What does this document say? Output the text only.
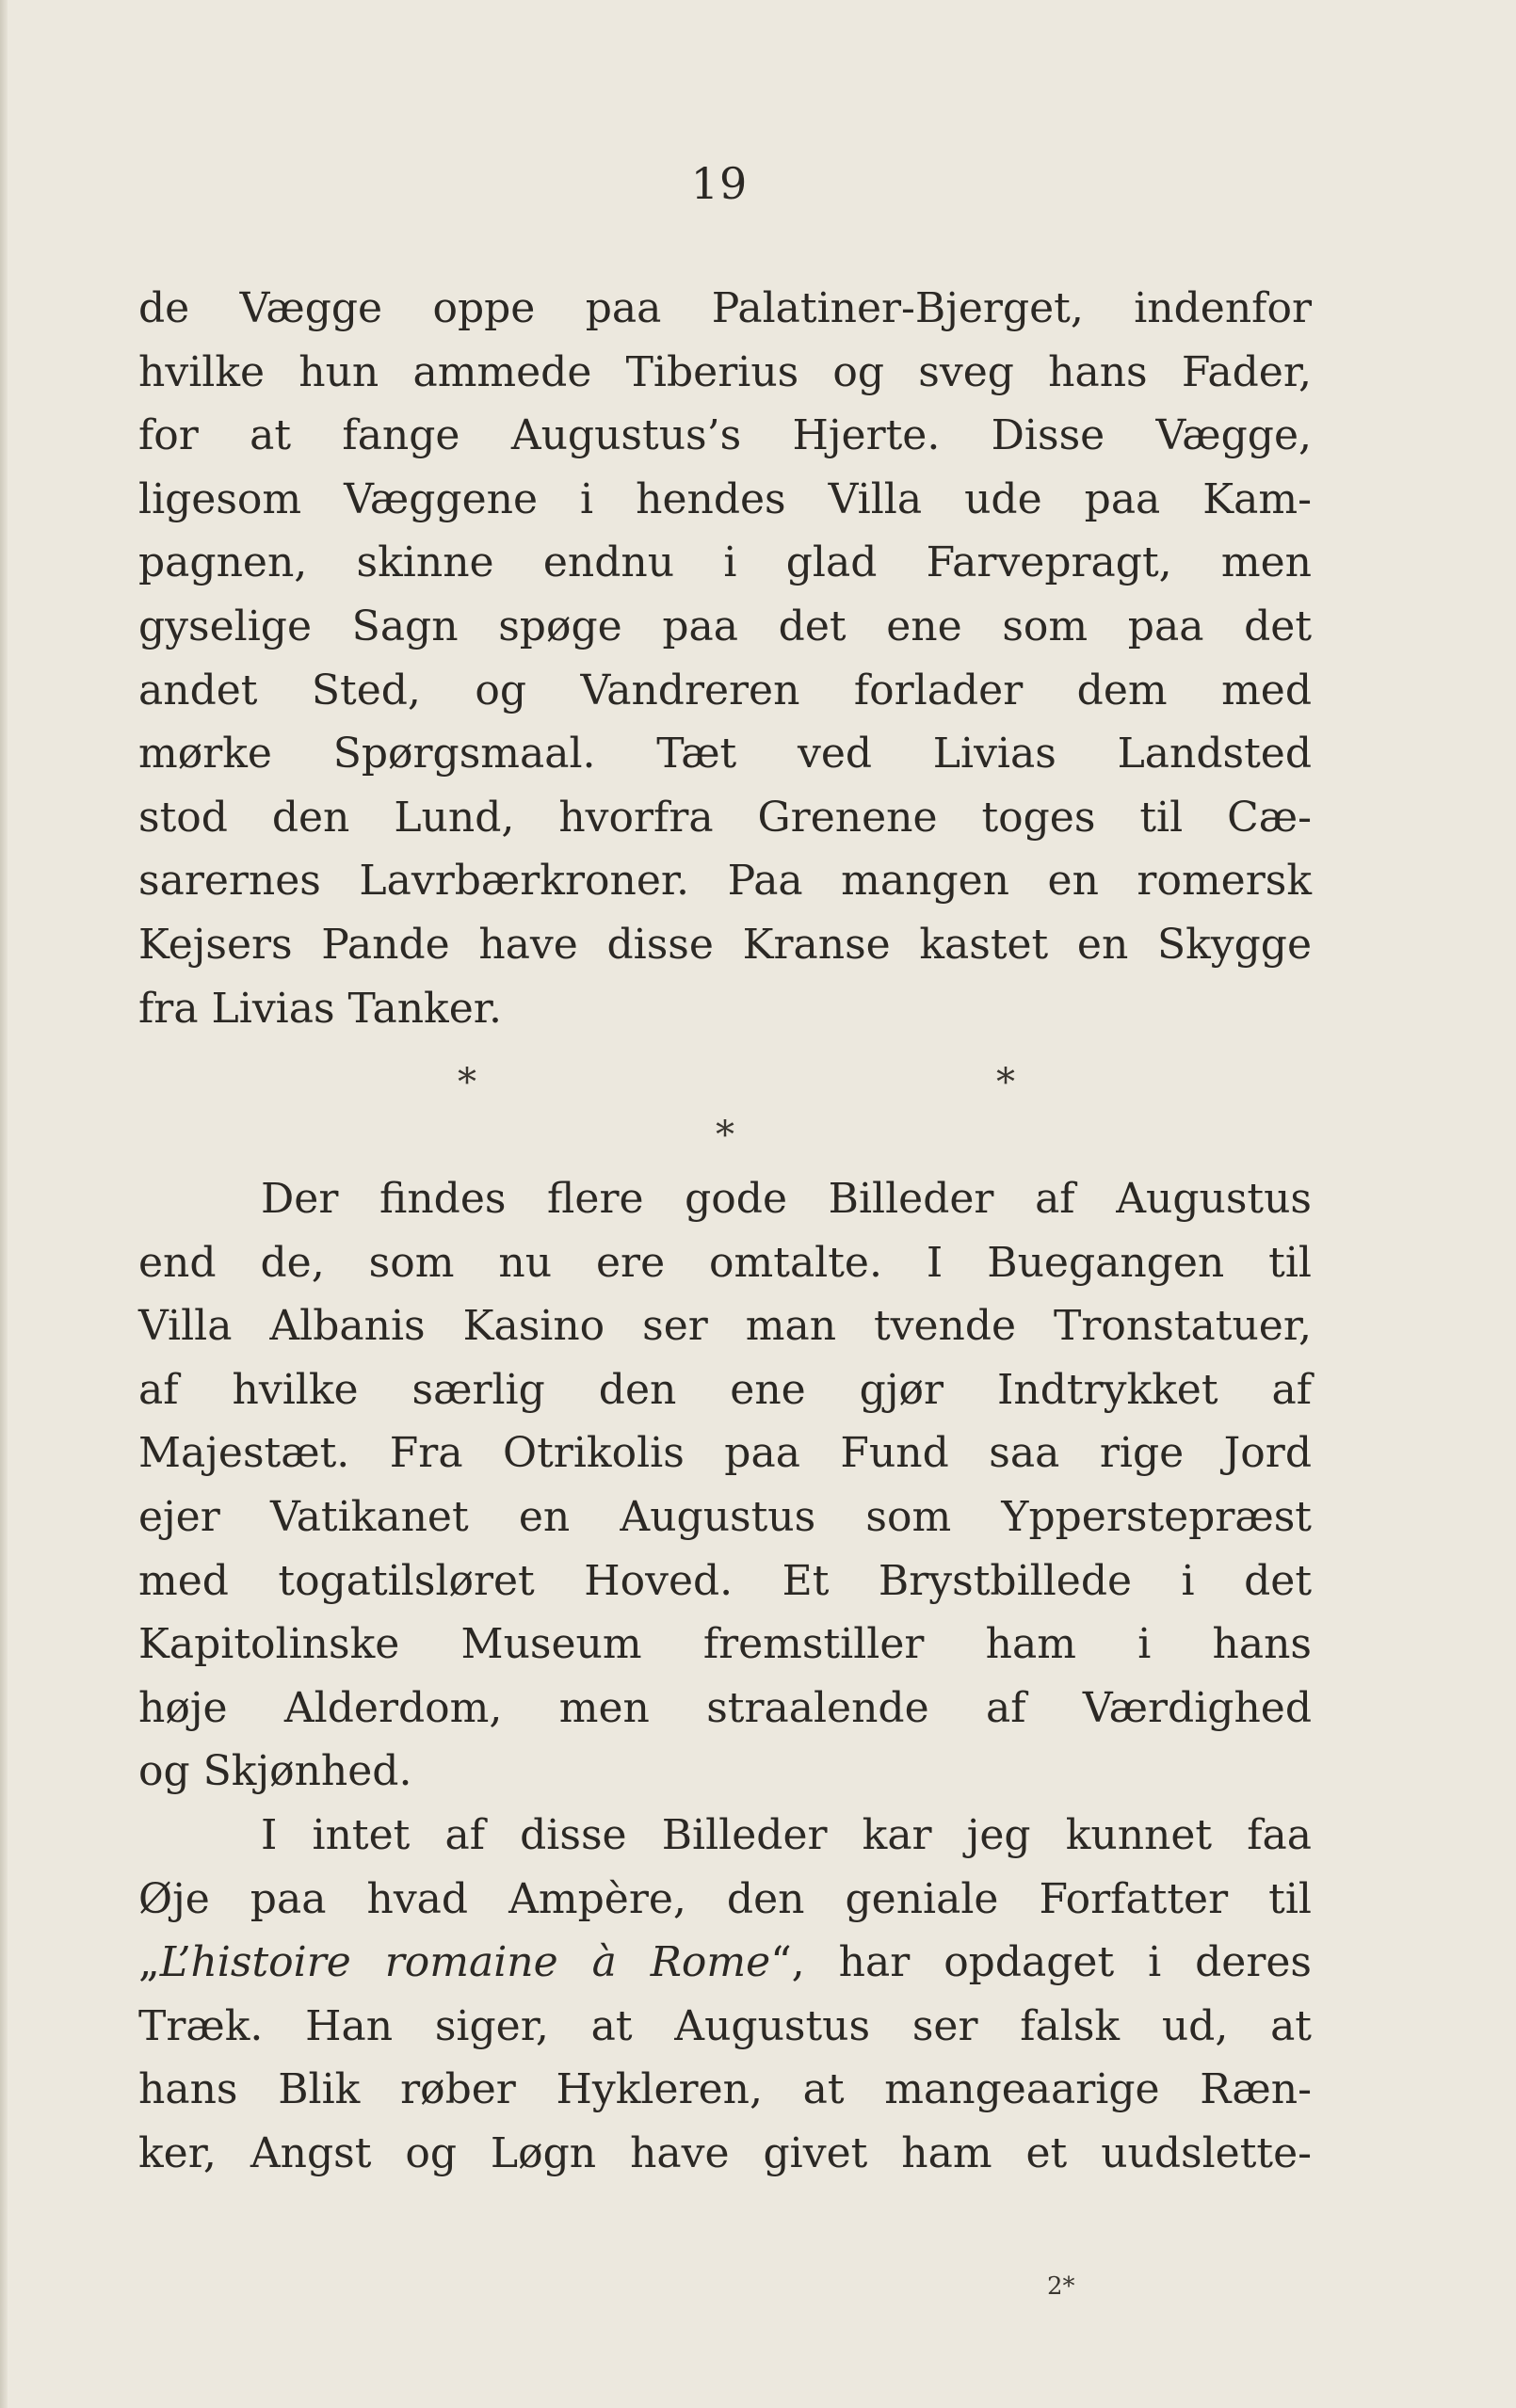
19
de Vægge oppe paa Palatiner-Bjerget, indenfor
hvilke hun ammede Tiberius og sveg hans Fader,
for at fange Augustus’s Hjerte. Disse Vægge,
ligesom Væggene i hendes Villa ude paa Kam-
pagnen, skinne endnu i glad Farvepragt, men
gyselige Sagn spøge paa det ene som paa det
andet Sted, og Vandreren forlader dem med
mørke Spørgsmaal. Tæt ved Livias Landsted
stod den Lund, hvorfra Grenene toges til Cæ-
sarernes Lavrbærkroner. Paa mangen en romersk
Kejsers Pande have disse Kranse kastet en Skygge
fra Livias Tanker.
*	*
*
Der findes flere gode Billeder af Augustus
end de, som nu ere omtalte. I Buegangen til
Villa Albanis Kasino ser man tvende Tronstatuer,
af hvilke særlig den ene gjør Indtrykket af
Majestæt. Fra Otrikolis paa Fund saa rige Jord
ejer Vatikanet en Augustus som Ypperstepræst
med togatilsløret Hoved. Et Brystbillede i det
Kapitolinske Museum fremstiller ham i hans
høje Alderdom, men straalende af Værdighed
og Skjønhed.
I intet af disse Billeder kar jeg kunnet faa
Øje paa hvad Ampère, den geniale Forfatter til
„L’histoire romaine à Rome“, har opdaget i deres
Træk. Han siger, at Augustus ser falsk ud, at
hans Blik røber Hykleren, at mangeaarige Ræn-
ker, Angst og Løgn have givet ham et uudslette-
2*
